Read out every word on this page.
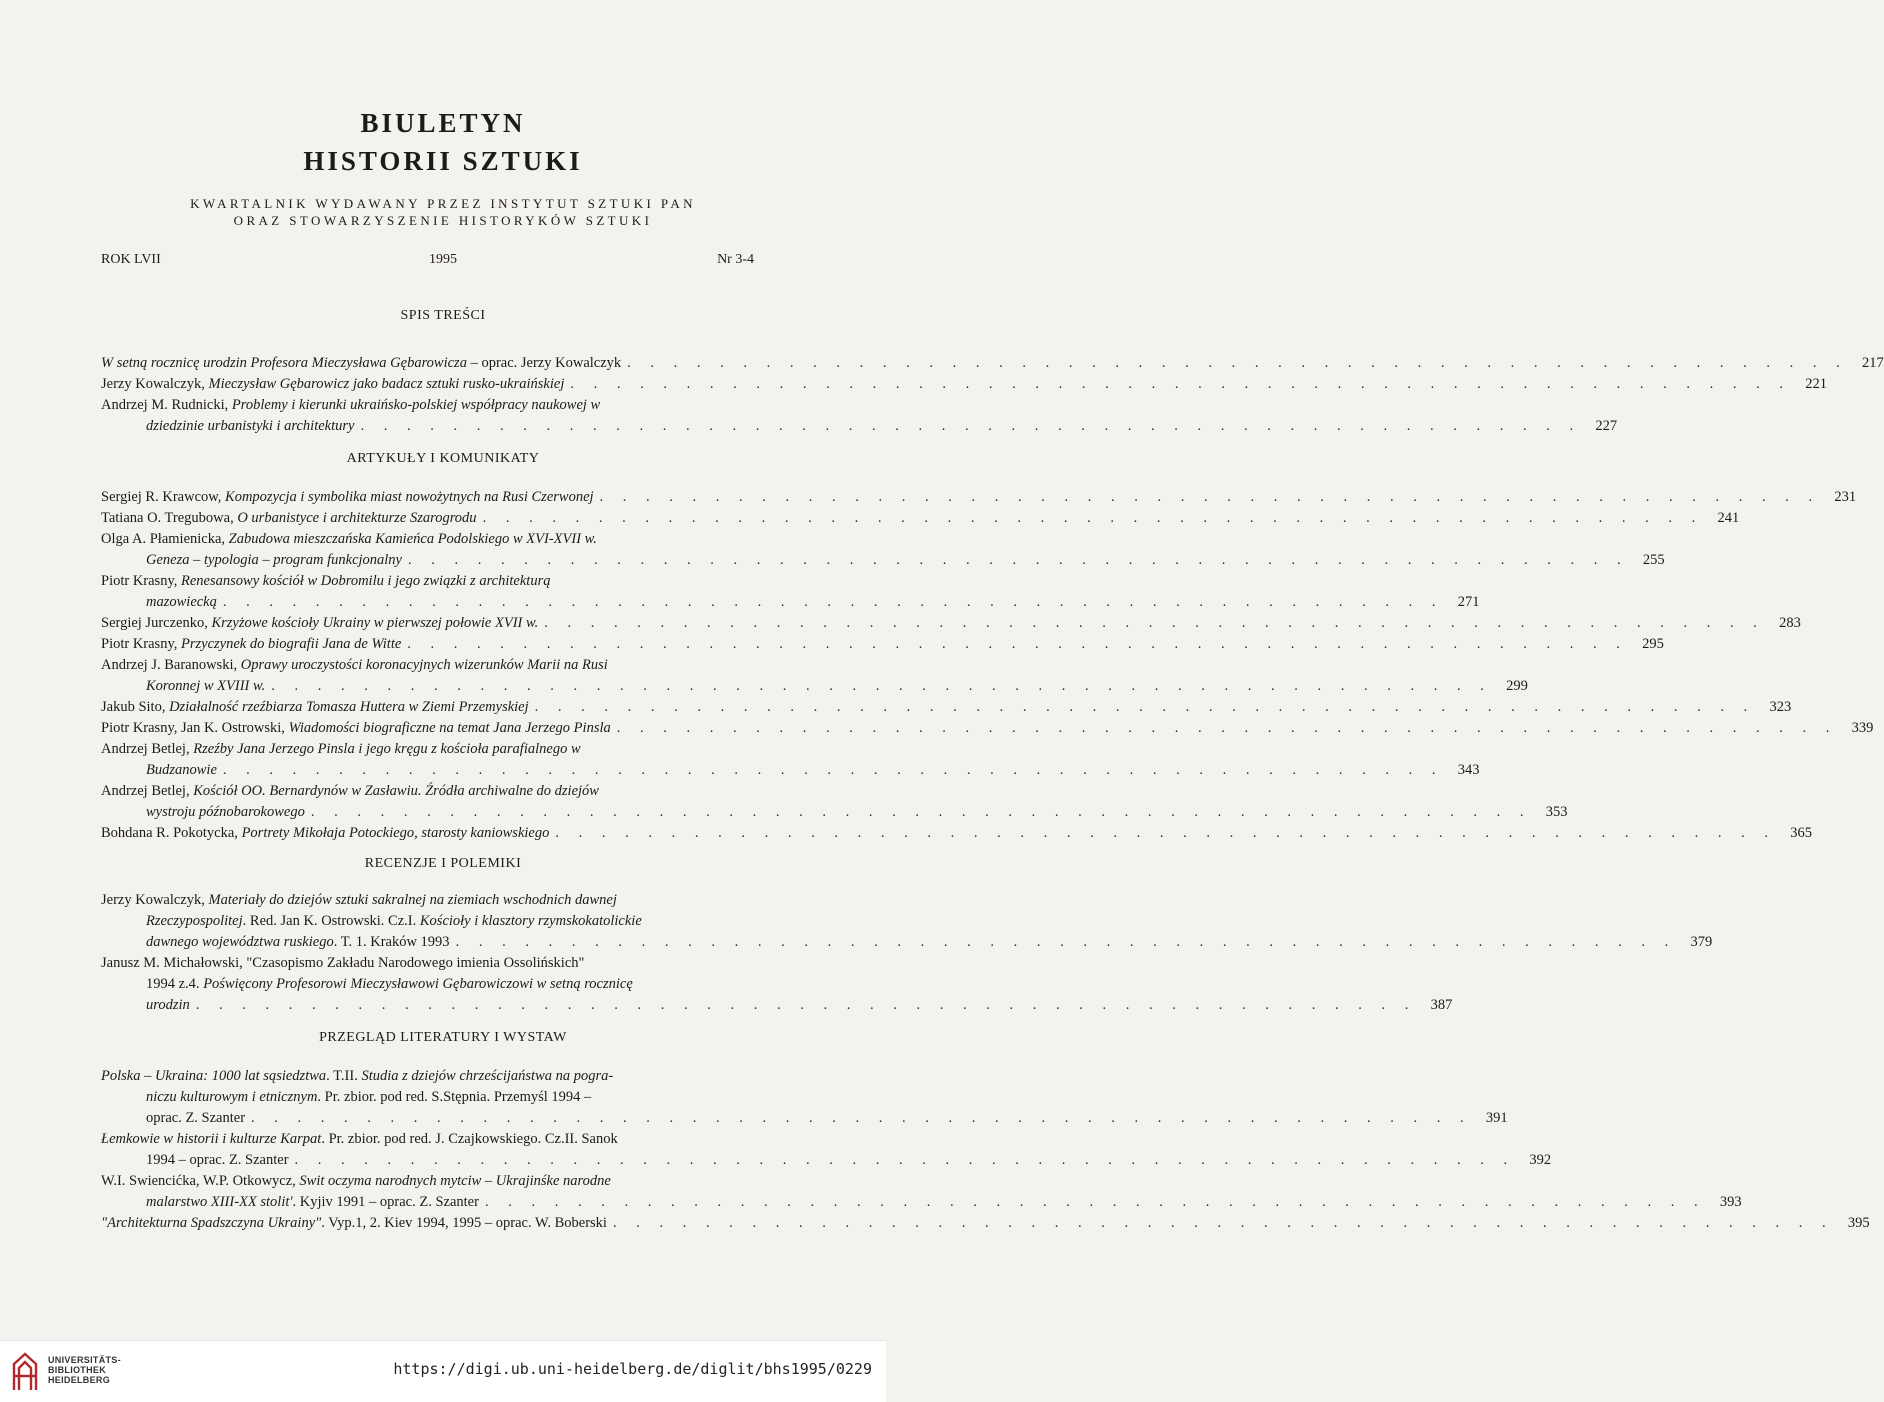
BIULETYN
HISTORII SZTUKI
KWARTALNIK WYDAWANY PRZEZ INSTYTUT SZTUKI PAN
ORAZ STOWARZYSZENIE HISTORYKÓW SZTUKI
ROK LVII	1995	Nr 3-4
SPIS TREŚCI
W setną rocznicę urodzin Profesora Mieczysława Gębarowicza – oprac. Jerzy Kowalczyk . . . . . . . . . . . . . . . . . . . . . . . . . . . . . . . . . . . . . . . . . . . . . . . . . . . . . 217
Jerzy Kowalczyk, Mieczysław Gębarowicz jako badacz sztuki rusko-ukraińskiej . . . . . . . . . . . . . . . . . . . . . . . . . . . . . . . . . . . . . . . . . . . . . . . . . . . . . 221
Andrzej M. Rudnicki, Problemy i kierunki ukraińsko-polskiej współpracy naukowej w
dziedzinie urbanistyki i architektury . . . . . . . . . . . . . . . . . . . . . . . . . . . . . . . . . . . . . . . . . . . . . . . . . . . . . 227
ARTYKUŁY I KOMUNIKATY
Sergiej R. Krawcow, Kompozycja i symbolika miast nowożytnych na Rusi Czerwonej . . . . . . . . . . . . . . . . . . . . . . . . . . . . . . . . . . . . . . . . . . . . . . . . . . . . . 231
Tatiana O. Tregubowa, O urbanistyce i architekturze Szarogrodu . . . . . . . . . . . . . . . . . . . . . . . . . . . . . . . . . . . . . . . . . . . . . . . . . . . . . 241
Olga A. Płamienicka, Zabudowa mieszczańska Kamieńca Podolskiego w XVI-XVII w.
Geneza – typologia – program funkcjonalny . . . . . . . . . . . . . . . . . . . . . . . . . . . . . . . . . . . . . . . . . . . . . . . . . . . . . 255
Piotr Krasny, Renesansowy kościół w Dobromilu i jego związki z architekturą
mazowiecką . . . . . . . . . . . . . . . . . . . . . . . . . . . . . . . . . . . . . . . . . . . . . . . . . . . . . 271
Sergiej Jurczenko, Krzyżowe kościoły Ukrainy w pierwszej połowie XVII w. . . . . . . . . . . . . . . . . . . . . . . . . . . . . . . . . . . . . . . . . . . . . . . . . . . . . . 283
Piotr Krasny, Przyczynek do biografii Jana de Witte . . . . . . . . . . . . . . . . . . . . . . . . . . . . . . . . . . . . . . . . . . . . . . . . . . . . . 295
Andrzej J. Baranowski, Oprawy uroczystości koronacyjnych wizerunków Marii na Rusi
Koronnej w XVIII w. . . . . . . . . . . . . . . . . . . . . . . . . . . . . . . . . . . . . . . . . . . . . . . . . . . . . . 299
Jakub Sito, Działalność rzeźbiarza Tomasza Huttera w Ziemi Przemyskiej . . . . . . . . . . . . . . . . . . . . . . . . . . . . . . . . . . . . . . . . . . . . . . . . . . . . . 323
Piotr Krasny, Jan K. Ostrowski, Wiadomości biograficzne na temat Jana Jerzego Pinsla . . . . . . . . . . . . . . . . . . . . . . . . . . . . . . . . . . . . . . . . . . . . . . . . . . . . . 339
Andrzej Betlej, Rzeźby Jana Jerzego Pinsla i jego kręgu z kościoła parafialnego w
Budzanowie . . . . . . . . . . . . . . . . . . . . . . . . . . . . . . . . . . . . . . . . . . . . . . . . . . . . . 343
Andrzej Betlej, Kościół OO. Bernardynów w Zasławiu. Źródła archiwalne do dziejów
wystroju późnobarokowego . . . . . . . . . . . . . . . . . . . . . . . . . . . . . . . . . . . . . . . . . . . . . . . . . . . . . 353
Bohdana R. Pokotycka, Portrety Mikołaja Potockiego, starosty kaniowskiego . . . . . . . . . . . . . . . . . . . . . . . . . . . . . . . . . . . . . . . . . . . . . . . . . . . . . 365
RECENZJE I POLEMIKI
Jerzy Kowalczyk, Materiały do dziejów sztuki sakralnej na ziemiach wschodnich dawnej
Rzeczypospolitej. Red. Jan K. Ostrowski. Cz.I. Kościoły i klasztory rzymskokatolickie
dawnego województwa ruskiego. T. 1. Kraków 1993 . . . . . . . . . . . . . . . . . . . . . . . . . . . . . . . . . . . . . . . . . . . . . . . . . . . . . 379
Janusz M. Michałowski, "Czasopismo Zakładu Narodowego imienia Ossolińskich"
1994 z.4. Poświęcony Profesorowi Mieczysławowi Gębarowiczowi w setną rocznicę
urodzin . . . . . . . . . . . . . . . . . . . . . . . . . . . . . . . . . . . . . . . . . . . . . . . . . . . . . 387
PRZEGLĄD LITERATURY I WYSTAW
Polska – Ukraina: 1000 lat sąsiedztwa. T.II. Studia z dziejów chrześcijaństwa na pogra-
niczu kulturowym i etnicznym. Pr. zbior. pod red. S.Stępnia. Przemyśl 1994 –
oprac. Z. Szanter . . . . . . . . . . . . . . . . . . . . . . . . . . . . . . . . . . . . . . . . . . . . . . . . . . . . . 391
Łemkowie w historii i kulturze Karpat. Pr. zbior. pod red. J. Czajkowskiego. Cz.II. Sanok
1994 – oprac. Z. Szanter . . . . . . . . . . . . . . . . . . . . . . . . . . . . . . . . . . . . . . . . . . . . . . . . . . . . . 392
W.I. Swiencićka, W.P. Otkowycz, Swit oczyma narodnych mytciw – Ukrajinśke narodne
malarstwo XIII-XX stolit'. Kyjiv 1991 – oprac. Z. Szanter . . . . . . . . . . . . . . . . . . . . . . . . . . . . . . . . . . . . . . . . . . . . . . . . . . . . . 393
"Architekturna Spadszczyna Ukrainy". Vyp.1, 2. Kiev 1994, 1995 – oprac. W. Boberski . . . . . . . . . . . . . . . . . . . . . . . . . . . . . . . . . . . . . . . . . . . . . . . . . . . . . 395
UNIVERSITÄTS-
BIBLIOTHEK
HEIDELBERG
https://digi.ub.uni-heidelberg.de/diglit/bhs1995/0229
